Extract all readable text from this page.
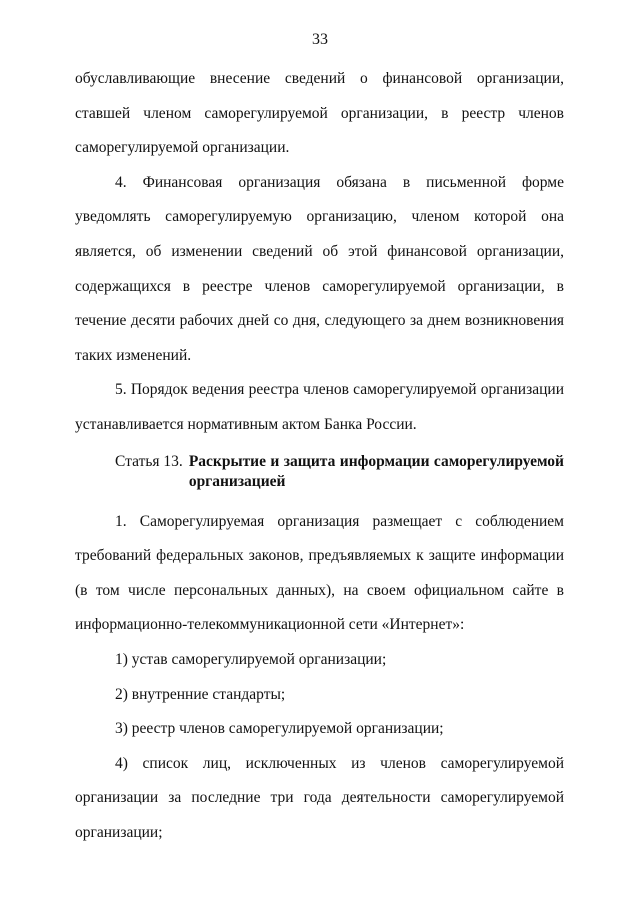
33

обуславливающие внесение сведений о финансовой организации, ставшей членом саморегулируемой организации, в реестр членов саморегулируемой организации.

4. Финансовая организация обязана в письменной форме уведомлять саморегулируемую организацию, членом которой она является, об изменении сведений об этой финансовой организации, содержащихся в реестре членов саморегулируемой организации, в течение десяти рабочих дней со дня, следующего за днем возникновения таких изменений.

5. Порядок ведения реестра членов саморегулируемой организации устанавливается нормативным актом Банка России.

Статья 13. Раскрытие и защита информации саморегулируемой организацией

1. Саморегулируемая организация размещает с соблюдением требований федеральных законов, предъявляемых к защите информации (в том числе персональных данных), на своем официальном сайте в информационно-телекоммуникационной сети «Интернет»:

1) устав саморегулируемой организации;

2) внутренние стандарты;

3) реестр членов саморегулируемой организации;

4) список лиц, исключенных из членов саморегулируемой организации за последние три года деятельности саморегулируемой организации;
